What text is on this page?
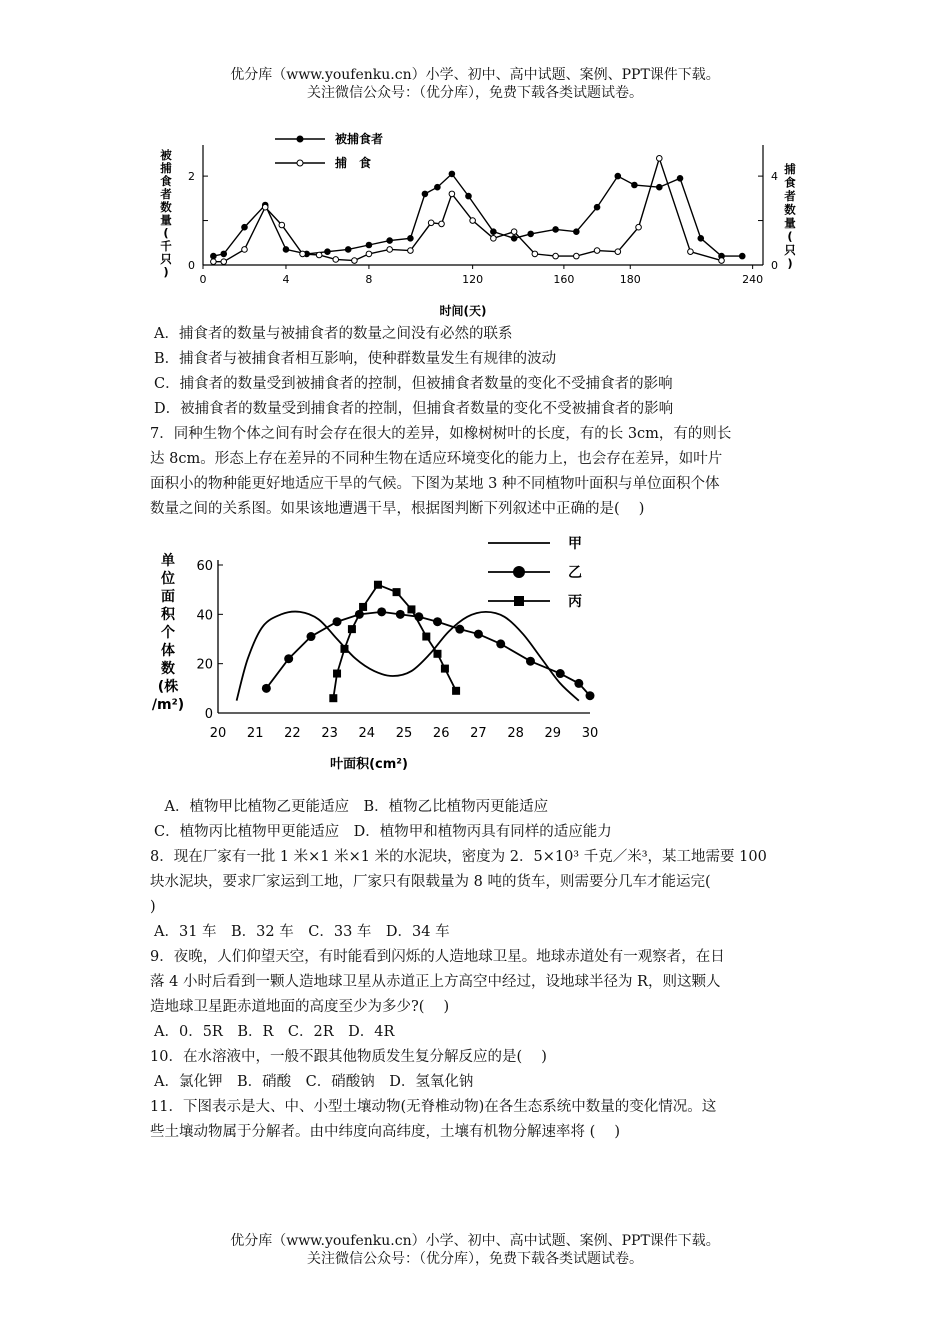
优分库（www.youfenku.cn）小学、初中、高中试题、案例、PPT课件下载。
关注微信公众号：（优分库），免费下载各类试题试卷。
0	4	8	120	160	180	240
0
2
0
4
时间(天)
被
捕
食
者
数
量
(
千
只
)
捕
食
者
数
量
(
只
)
被捕食者
捕　食

A．捕食者的数量与被捕食者的数量之间没有必然的联系

B．捕食者与被捕食者相互影响，使种群数量发生有规律的波动

C．捕食者的数量受到被捕食者的控制，但被捕食者数量的变化不受捕食者的影响

D．被捕食者的数量受到捕食者的控制，但捕食者数量的变化不受被捕食者的影响

7．同种生物个体之间有时会存在很大的差异，如橡树树叶的长度，有的长 3cm，有的则长

达 8cm。形态上存在差异的不同种生物在适应环境变化的能力上，也会存在差异，如叶片

面积小的物种能更好地适应干旱的气候。下图为某地 3 种不同植物叶面积与单位面积个体

数量之间的关系图。如果该地遭遇干旱，根据图判断下列叙述中正确的是(　 )

20 21 22 23 24 25 26 27 28 29 30
0
20
40
60
叶面积(cm²)
单
位
面
积
个
体
数
(株
/m²)
甲
乙
丙

　A．植物甲比植物乙更能适应　B．植物乙比植物丙更能适应

C．植物丙比植物甲更能适应　D．植物甲和植物丙具有同样的适应能力

8．现在厂家有一批 1 米×1 米×1 米的水泥块，密度为 2．5×10³ 千克／米³，某工地需要 100

块水泥块，要求厂家运到工地，厂家只有限载量为 8 吨的货车，则需要分几车才能运完(

)

A．31 车　B．32 车　C．33 车　D．34 车

9．夜晚，人们仰望天空，有时能看到闪烁的人造地球卫星。地球赤道处有一观察者，在日

落 4 小时后看到一颗人造地球卫星从赤道正上方高空中经过，设地球半径为 R，则这颗人

造地球卫星距赤道地面的高度至少为多少?(　 )

A．0．5R　B．R　C．2R　D．4R

10．在水溶液中，一般不跟其他物质发生复分解反应的是(　 )

A．氯化钾　B．硝酸　C．硝酸钠　D．氢氧化钠

11．下图表示是大、中、小型土壤动物(无脊椎动物)在各生态系统中数量的变化情况。这

些土壤动物属于分解者。由中纬度向高纬度，土壤有机物分解速率将 (　 )

优分库（www.youfenku.cn）小学、初中、高中试题、案例、PPT课件下载。
关注微信公众号：（优分库），免费下载各类试题试卷。
